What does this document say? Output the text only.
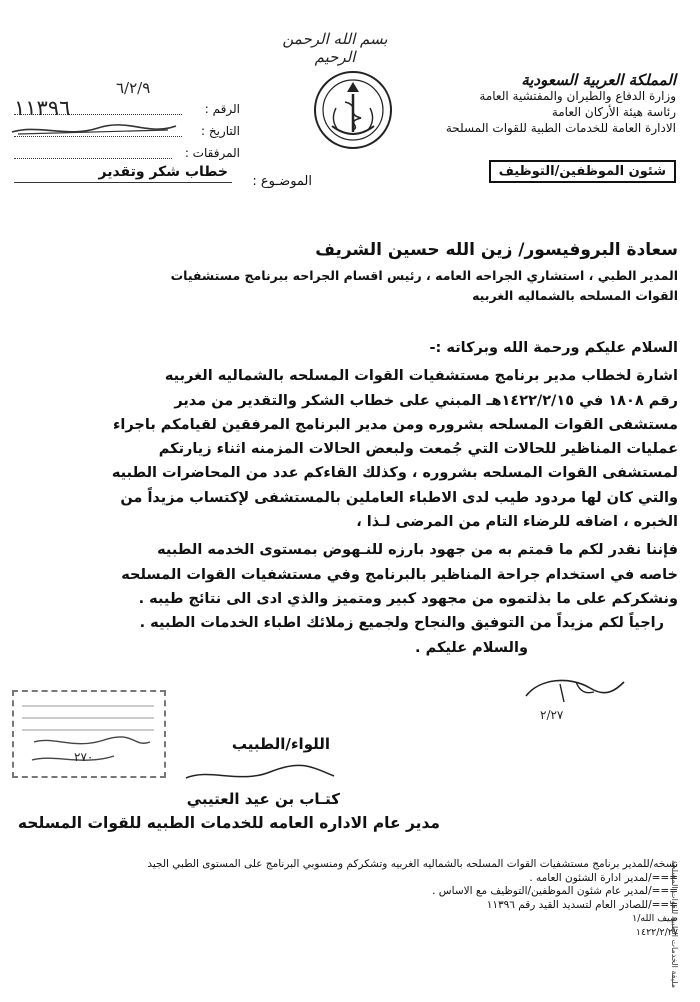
بسم الله الرحمن الرحيم
المملكة العربية السعودية
وزارة الدفاع والطيران والمفتشية العامة
رئاسة هيئة الأركان العامة
الادارة العامة للخدمات الطبية للقوات المسلحة
شئون الموظفين/التوظيف
٦/٢/٩
١١٣٩٦	الرقم :
التاريخ :
المرفقات :
الموضـوع :
خطاب شكر وتقدير
سعادة البروفيسور/ زين الله حسين الشريف
المدير الطبي ، استشاري الجراحه العامه ، رئيس اقسام الجراحه ببرنامج مستشفيات
القوات المسلحه بالشماليه الغربيه

السلام عليكم ورحمة الله وبركاته :-

اشارة لخطاب مدير برنامج مستشفيات القوات المسلحه بالشماليه الغربيه

رقم ١٨٠٨ في ١٤٢٢/٢/١٥هـ المبني على خطاب الشكر والتقدير من مدير

مستشفى القوات المسلحه بشروره ومن مدير البرنامج المرفقين لقيامكم باجراء

عمليات المناظير للحالات التي جُمعت ولبعض الحالات المزمنه اثناء زيارتكم

لمستشفى القوات المسلحه بشروره ، وكذلك القاءكم عدد من المحاضرات الطبيه

والتي كان لها مردود طيب لدى الاطباء العاملين بالمستشفى لإكتساب مزيداً من

الخبره ، اضافه للرضاء التام من المرضى لـذا ،

فإننا نقدر لكم ما قمتم به من جهود بارزه للنـهوض بمستوى الخدمه الطبيه

خاصه في استخدام جراحة المناظير بالبرنامج وفي مستشفيات القوات المسلحه

ونشكركم على ما بذلتموه من مجهود كبير ومتميز والذي ادى الى نتائج طيبه .

راجياً لكم مزيداً من التوفيق والنجاح ولجميع زملائك اطباء الخدمات الطبيه .

والسلام عليكم .

٢/٢٧
٢٧٠
اللواء/الطبيب
كتـاب بن عيد العتيبي
مدير عام الاداره العامه للخدمات الطبيه للقوات المسلحه
نسخه/للمدير برنامج مستشفيات القوات المسلحه بالشماليه الغربيه وتشكركم ومنسوبي البرنامج على المستوى الطبي الجيد
===/لمدير ادارة الشئون العامه .
===/لمدير عام شئون الموظفين/التوظيف مع الاساس .
===/للصادر العام لتسديد القيد رقم ١١٣٩٦
ضيف الله/١
١٤٢٢/٢/٢٧
مليفة الخدمات الطبية للقوات المسلحة
